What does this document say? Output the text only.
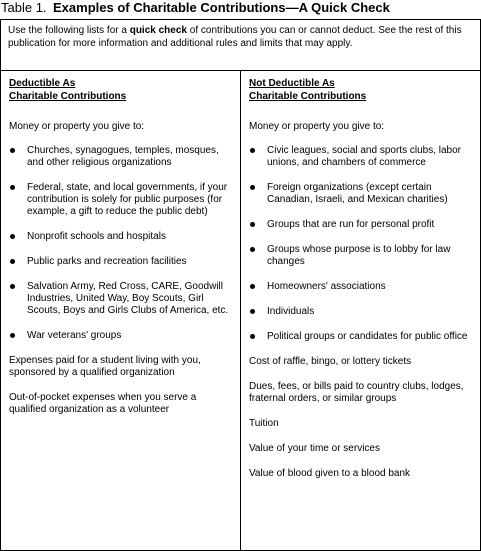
Table 1. Examples of Charitable Contributions—A Quick Check
Use the following lists for a quick check of contributions you can or cannot deduct. See the rest of this publication for more information and additional rules and limits that may apply.
Deductible As
Charitable Contributions
Money or property you give to:
Churches, synagogues, temples, mosques, and other religious organizations
Federal, state, and local governments, if your contribution is solely for public purposes (for example, a gift to reduce the public debt)
Nonprofit schools and hospitals
Public parks and recreation facilities
Salvation Army, Red Cross, CARE, Goodwill Industries, United Way, Boy Scouts, Girl Scouts, Boys and Girls Clubs of America, etc.
War veterans' groups
Expenses paid for a student living with you, sponsored by a qualified organization
Out-of-pocket expenses when you serve a qualified organization as a volunteer
Not Deductible As
Charitable Contributions
Money or property you give to:
Civic leagues, social and sports clubs, labor unions, and chambers of commerce
Foreign organizations (except certain Canadian, Israeli, and Mexican charities)
Groups that are run for personal profit
Groups whose purpose is to lobby for law changes
Homeowners' associations
Individuals
Political groups or candidates for public office
Cost of raffle, bingo, or lottery tickets
Dues, fees, or bills paid to country clubs, lodges, fraternal orders, or similar groups
Tuition
Value of your time or services
Value of blood given to a blood bank
